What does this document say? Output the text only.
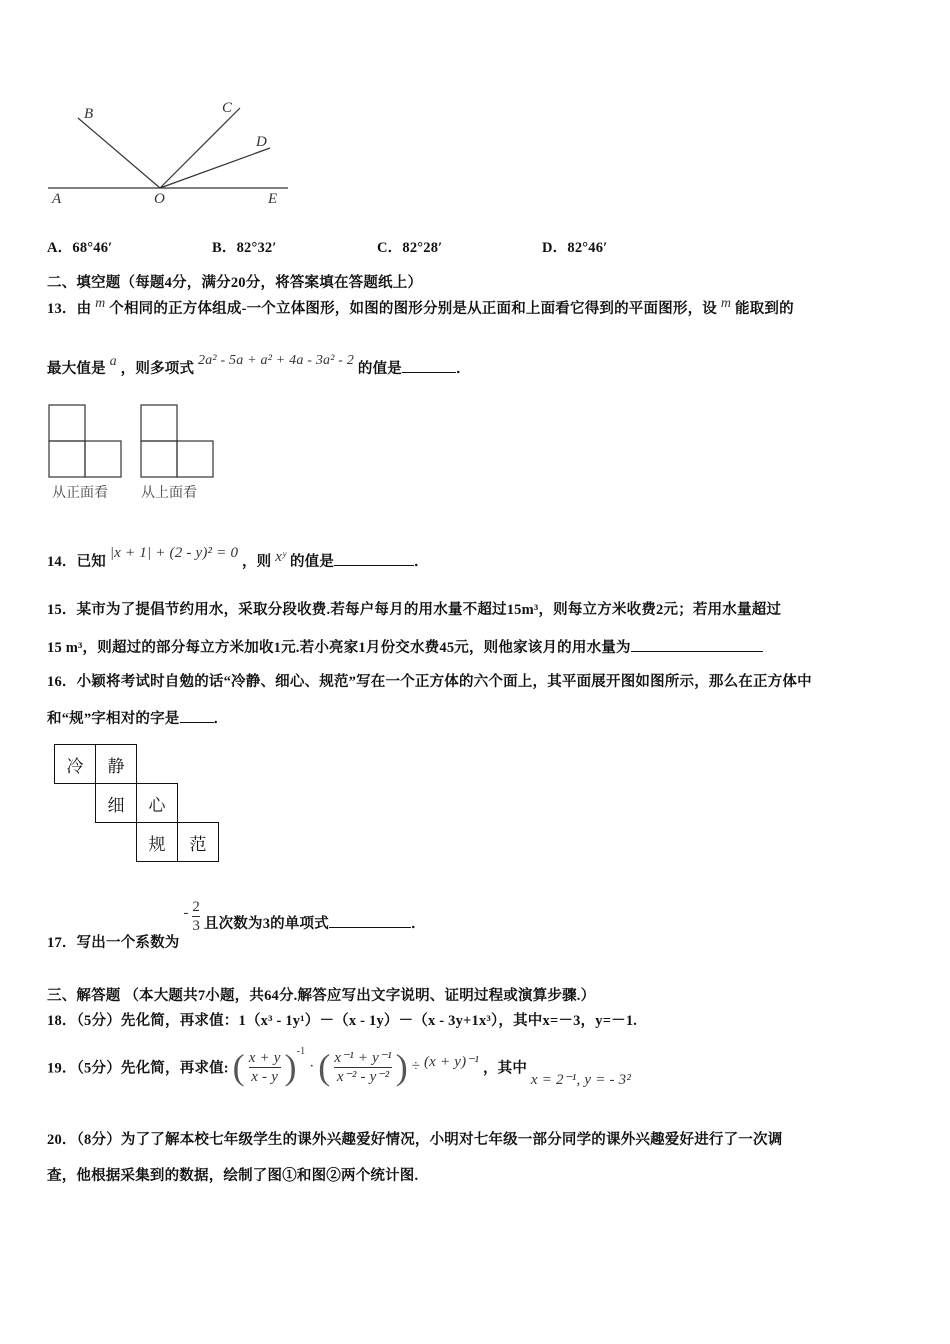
B	C
D
A	O	E
A．68°46′	B．82°32′	C．82°28′	D．82°46′
二、填空题（每题4分，满分20分，将答案填在答题纸上）
13．由 m 个相同的正方体组成-一个立体图形，如图的图形分别是从正面和上面看它得到的平面图形，设 m 能取到的
最大值是 a ，则多项式 2a² - 5a + a² + 4a - 3a² - 2 的值是	．
从正面看 从上面看
14．已知 |x + 1| + (2 - y)² = 0 ，则 xʸ 的值是	．
15．某市为了提倡节约用水，采取分段收费.若每户每月的用水量不超过15m³，则每立方米收费2元；若用水量超过
15 m³，则超过的部分每立方米加收1元.若小亮家1月份交水费45元，则他家该月的用水量为
16．小颖将考试时自勉的话“冷静、细心、规范”写在一个正方体的六个面上，其平面展开图如图所示，那么在正方体中
和“规”字相对的字是 ．
冷	静		
	细	心	
		规	范
17．写出一个系数为 - $\frac{2}{3}$ 且次数为3的单项式	．
三、解答题 （本大题共7小题，共64分.解答应写出文字说明、证明过程或演算步骤.）
18．（5分）先化简，再求值：1（x³ - 1y¹）－（x - 1y）－（x - 3y+1x³），其中x=－3，y=－1.
19．（5分）先化简，再求值: ( $\frac{x + y}{x - y} )^{-1}$ · ( $\frac{\text{x⁻¹ + y⁻¹}}{\text{x⁻² - y⁻²}}$ ) ÷ (x + y)⁻¹ ，其中 x = 2⁻¹, y = - 3²
20．（8分）为了了解本校七年级学生的课外兴趣爱好情况，小明对七年级一部分同学的课外兴趣爱好进行了一次调
查，他根据采集到的数据，绘制了图①和图②两个统计图.
